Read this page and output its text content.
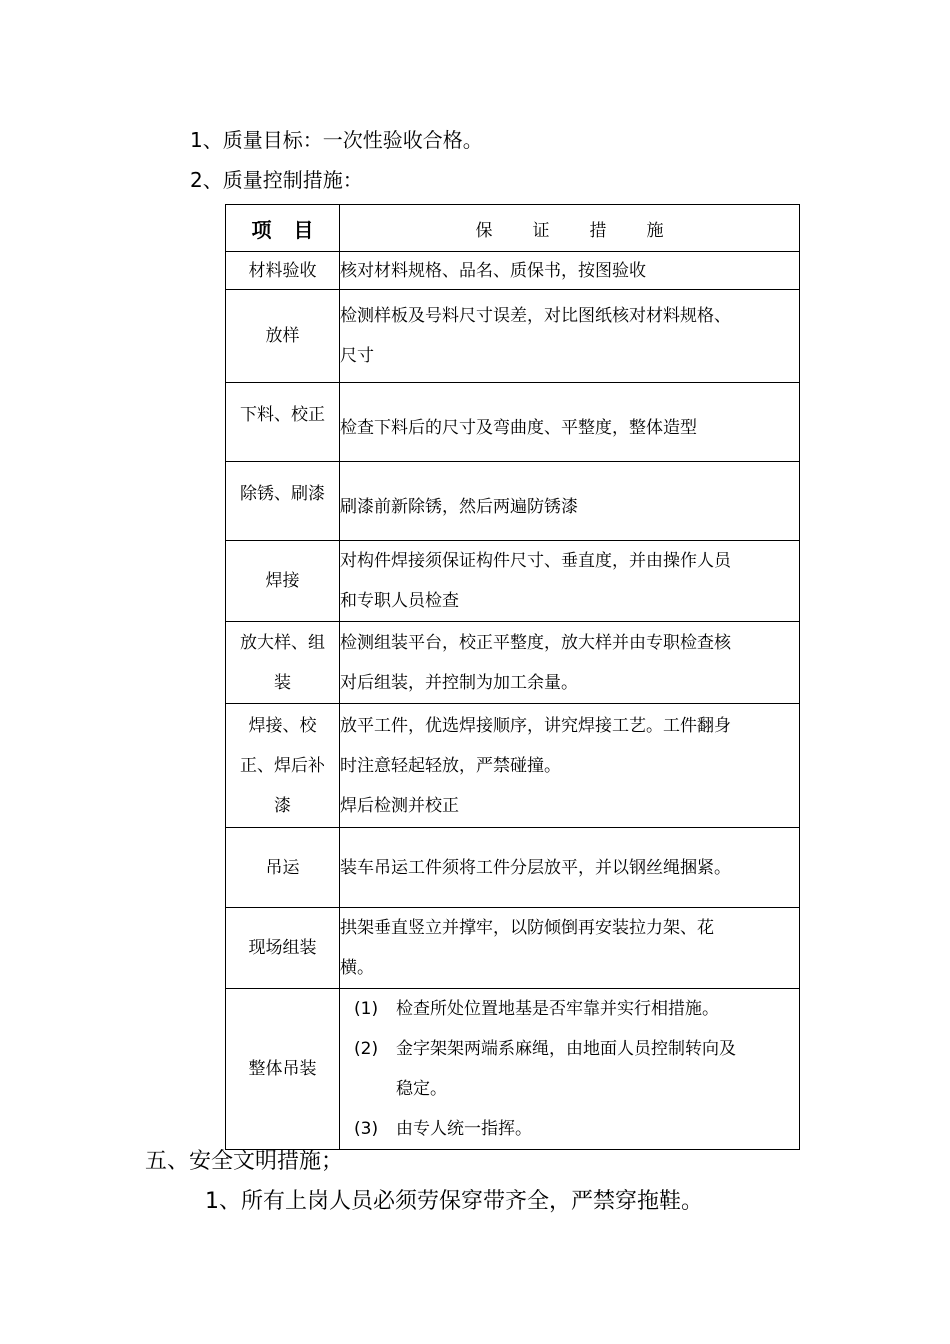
1、质量目标：一次性验收合格。
2、质量控制措施：
项目	保证措施
材料验收	核对材料规格、品名、质保书，按图验收

放样	检测样板及号料尺寸误差，对比图纸核对材料规格、
尺寸

下料、校正	检查下料后的尺寸及弯曲度、平整度，整体造型

除锈、刷漆	刷漆前新除锈，然后两遍防锈漆

焊接	对构件焊接须保证构件尺寸、垂直度，并由操作人员
和专职人员检查

放大样、组装	检测组装平台，校正平整度，放大样并由专职检查核
对后组装，并控制为加工余量。

焊接、校正、焊后补漆	放平工件，优选焊接顺序，讲究焊接工艺。工件翻身
时注意轻起轻放，严禁碰撞。
焊后检测并校正

吊运	装车吊运工件须将工件分层放平，并以钢丝绳捆紧。

现场组装	拱架垂直竖立并撑牢，以防倾倒再安装拉力架、花
横。

整体吊装	(1) 检查所处位置地基是否牢靠并实行相措施。
(2) 金字架架两端系麻绳，由地面人员控制转向及
稳定。
(3) 由专人统一指挥。
五、安全文明措施；
1、所有上岗人员必须劳保穿带齐全，严禁穿拖鞋。
